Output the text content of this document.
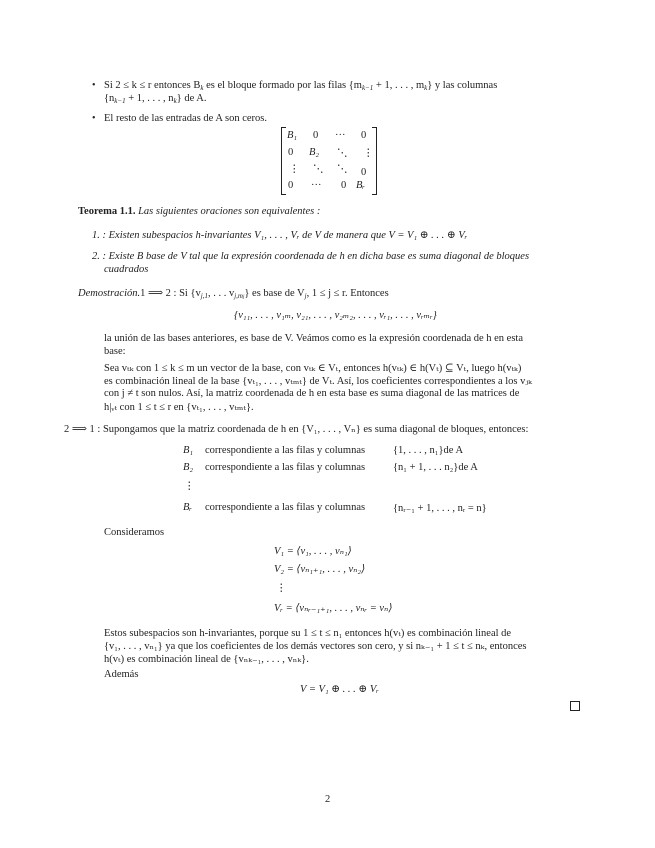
• Si 2 ≤ k ≤ r entonces $B_k$ es el bloque formado por las filas {$m_{k-1} + 1$, . . . , $m_k$} y las columnas
{$n_{k-1} + 1$, . . . , $n_k$} de A.
• El resto de las entradas de A son ceros.
B₁ 0 ··· 0
0 B₂ ⋱ ⋮
⋮ ⋱ ⋱ 0
0 ··· 0 Bᵣ
Teorema 1.1. Las siguientes oraciones son equivalentes :
1. : Existen subespacios h-invariantes V₁, . . . , Vᵣ de V de manera que V = V₁ ⊕ . . . ⊕ Vᵣ
2. : Existe B base de V tal que la expresión coordenada de h en dicha base es suma diagonal de bloques
cuadrados
Demostración.1 ⟹ 2 : Si {$v_{j,1}$, . . . $v_{j,mj}$} es base de $V_j$, 1 ≤ j ≤ r. Entonces
{v₁₁, . . . , v₁ₘ, v₂₁, . . . , v₂ₘ₂, . . . , vᵣ₁, . . . , vᵣₘᵣ}
la unión de las bases anteriores, es base de V. Veámos como es la expresión coordenada de h en esta
base:
Sea vₜₖ con 1 ≤ k ≤ m un vector de la base, con vₜₖ ∈ Vₜ, entonces h(vₜₖ) ∈ h(Vₜ) ⊆ Vₜ, luego h(vₜₖ)
es combinación lineal de la base {vₜ₁, . . . , vₜₘₜ} de Vₜ. Así, los coeficientes correspondientes a los vⱼₖ
con j ≠ t son nulos. Así, la matriz coordenada de h en esta base es suma diagonal de las matrices de
h|ᵥₜ con 1 ≤ t ≤ r en {vₜ₁, . . . , vₜₘₜ}.
2 ⟹ 1 : Supongamos que la matriz coordenada de h en {V₁, . . . , Vₙ} es suma diagonal de bloques, entonces:
B₁ correspondiente a las filas y columnas	{1, . . . , n₁}de A
B₂ correspondiente a las filas y columnas	{n₁ + 1, . . . n₂}de A
⋮
Bᵣ correspondiente a las filas y columnas	{nᵣ₋₁ + 1, . . . , nᵣ = n}
Consideramos
V₁ = ⟨v₁, . . . , vₙ₁⟩
V₂ = ⟨vₙ₁₊₁, . . . , vₙ₂⟩
⋮
Vᵣ = ⟨vₙᵣ₋₁₊₁, . . . , vₙᵣ = vₙ⟩
Estos subespacios son h-invariantes, porque su 1 ≤ t ≤ n₁ entonces h(vₜ) es combinación lineal de
{v₁, . . . , vₙ₁} ya que los coeficientes de los demás vectores son cero, y si nₖ₋₁ + 1 ≤ t ≤ nₖ, entonces
h(vₜ) es combinación lineal de {vₙₖ₋₁, . . . , vₙₖ}.
Además
V = V₁ ⊕ . . . ⊕ Vᵣ
2
